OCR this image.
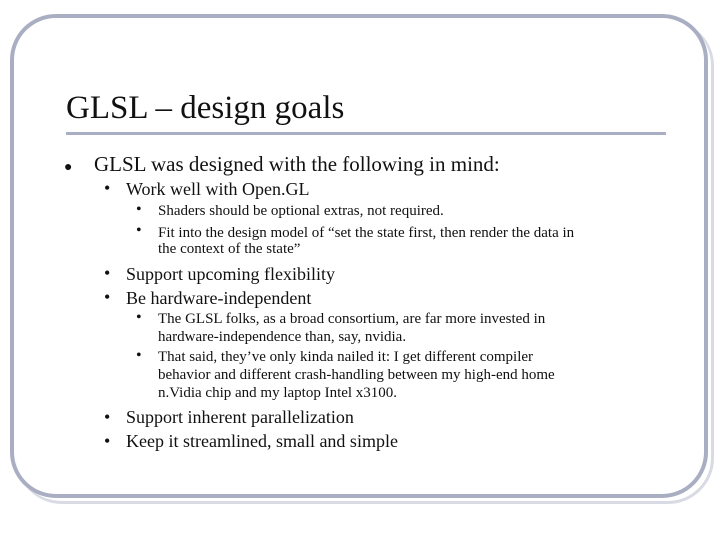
GLSL – design goals
● GLSL was designed with the following in mind:
• Work well with Open.GL
• Shaders should be optional extras, not required.
• Fit into the design model of “set the state first, then render the data in
the context of the state”
• Support upcoming flexibility
• Be hardware-independent
• The GLSL folks, as a broad consortium, are far more invested in
hardware-independence than, say, nvidia.
• That said, they’ve only kinda nailed it: I get different compiler
behavior and different crash-handling between my high-end home
n.Vidia chip and my laptop Intel x3100.
• Support inherent parallelization
• Keep it streamlined, small and simple
